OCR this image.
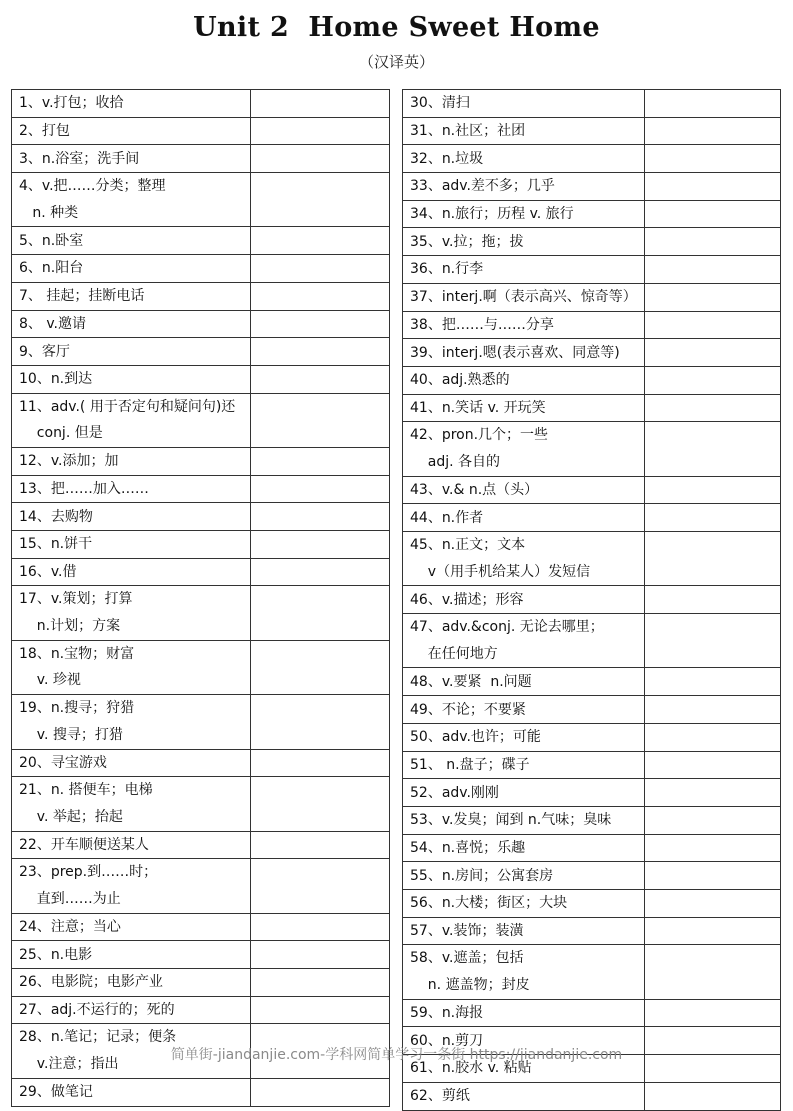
Unit 2  Home Sweet Home
（汉译英）
1、v.打包；收拾	
2、打包	
3、n.浴室；洗手间	

4、v.把……分类；整理
n. 种类	

5、n.卧室	
6、n.阳台	
7、 挂起；挂断电话	
8、 v.邀请	
9、客厅	
10、n.到达	

11、adv.( 用于否定句和疑问句)还
conj. 但是	

12、v.添加；加	
13、把……加入……	
14、去购物	
15、n.饼干	
16、v.借	

17、v.策划；打算
n.计划；方案	

18、n.宝物；财富
v. 珍视	

19、n.搜寻；狩猎
v. 搜寻；打猎	

20、寻宝游戏	

21、n. 搭便车；电梯
v. 举起；抬起	

22、开车顺便送某人	

23、prep.到……时；
直到……为止	

24、注意；当心	
25、n.电影	
26、电影院；电影产业	
27、adj.不运行的；死的	

28、n.笔记；记录；便条
v.注意；指出	

29、做笔记	
30、清扫	
31、n.社区；社团	
32、n.垃圾	
33、adv.差不多；几乎	
34、n.旅行；历程 v. 旅行	
35、v.拉；拖；拔	
36、n.行李	
37、interj.啊（表示高兴、惊奇等）	
38、把……与……分享	
39、interj.嗯(表示喜欢、同意等)	
40、adj.熟悉的	
41、n.笑话 v. 开玩笑	

42、pron.几个；一些
adj. 各自的	

43、v.& n.点（头）	
44、n.作者	

45、n.正文；文本
v（用手机给某人）发短信	

46、v.描述；形容	

47、adv.&conj. 无论去哪里；
在任何地方	

48、v.要紧  n.问题	
49、不论；不要紧	
50、adv.也许；可能	
51、 n.盘子；碟子	
52、adv.刚刚	
53、v.发臭；闻到 n.气味；臭味	
54、n.喜悦；乐趣	
55、n.房间；公寓套房	
56、n.大楼；街区；大块	
57、v.装饰；装潢	

58、v.遮盖；包括
n. 遮盖物；封皮	

59、n.海报	
60、n.剪刀	
61、n.胶水 v. 粘贴	
62、剪纸	
简单街-jiandanjie.com-学科网简单学习一条街 https://jiandanjie.com
